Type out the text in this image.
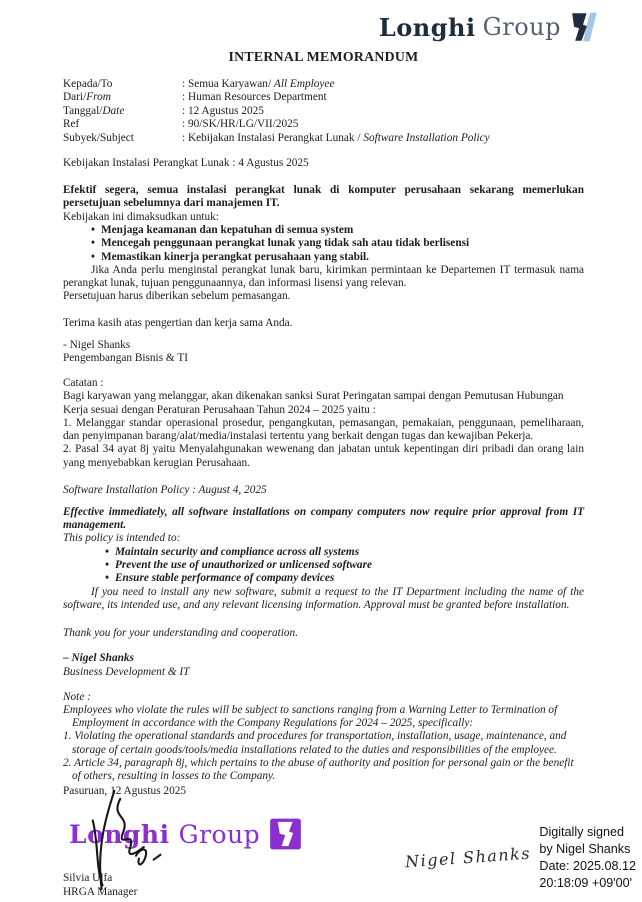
Longhi Group
INTERNAL MEMORANDUM
Kepada/To	: Semua Karyawan/ All Employee
Dari/From	: Human Resources Department
Tanggal/Date	: 12 Agustus 2025
Ref	: 90/SK/HR/LG/VII/2025
Subyek/Subject	: Kebijakan Instalasi Perangkat Lunak / Software Installation Policy

Kebijakan Instalasi Perangkat Lunak : 4 Agustus 2025

Efektif segera, semua instalasi perangkat lunak di komputer perusahaan sekarang memerlukan persetujuan sebelumnya dari manajemen IT.

Kebijakan ini dimaksudkan untuk:

• Menjaga keamanan dan kepatuhan di semua system
• Mencegah penggunaan perangkat lunak yang tidak sah atau tidak berlisensi
• Memastikan kinerja perangkat perusahaan yang stabil.

Jika Anda perlu menginstal perangkat lunak baru, kirimkan permintaan ke Departemen IT termasuk nama perangkat lunak, tujuan penggunaannya, dan informasi lisensi yang relevan.

Persetujuan harus diberikan sebelum pemasangan.

Terima kasih atas pengertian dan kerja sama Anda.

- Nigel Shanks

Pengembangan Bisnis & TI

Catatan :

Bagi karyawan yang melanggar, akan dikenakan sanksi Surat Peringatan sampai dengan Pemutusan Hubungan Kerja sesuai dengan Peraturan Perusahaan Tahun 2024 – 2025 yaitu :

1. Melanggar standar operasional prosedur, pengangkutan, pemasangan, pemakaian, penggunaan, pemeliharaan, dan penyimpanan barang/alat/media/instalasi tertentu yang berkait dengan tugas dan kewajiban Pekerja.

2. Pasal 34 ayat 8j yaitu Menyalahgunakan wewenang dan jabatan untuk kepentingan diri pribadi dan orang lain yang menyebabkan kerugian Perusahaan.

Software Installation Policy : August 4, 2025

Effective immediately, all software installations on company computers now require prior approval from IT management.

This policy is intended to:

• Maintain security and compliance across all systems
• Prevent the use of unauthorized or unlicensed software
• Ensure stable performance of company devices

If you need to install any new software, submit a request to the IT Department including the name of the software, its intended use, and any relevant licensing information. Approval must be granted before installation.

Thank you for your understanding and cooperation.

– Nigel Shanks

Business Development & IT

Note :

Employees who violate the rules will be subject to sanctions ranging from a Warning Letter to Termination of Employment in accordance with the Company Regulations for 2024 – 2025, specifically:

1. Violating the operational standards and procedures for transportation, installation, usage, maintenance, and storage of certain goods/tools/media installations related to the duties and responsibilities of the employee.

2. Article 34, paragraph 8j, which pertains to the abuse of authority and position for personal gain or the benefit of others, resulting in losses to the Company.

Pasuruan, 12 Agustus 2025

Longhi Group
Silvia Ulfa
HRGA Manager
Nigel Shanks
Digitally signed
by Nigel Shanks
Date: 2025.08.12
20:18:09 +09'00'
